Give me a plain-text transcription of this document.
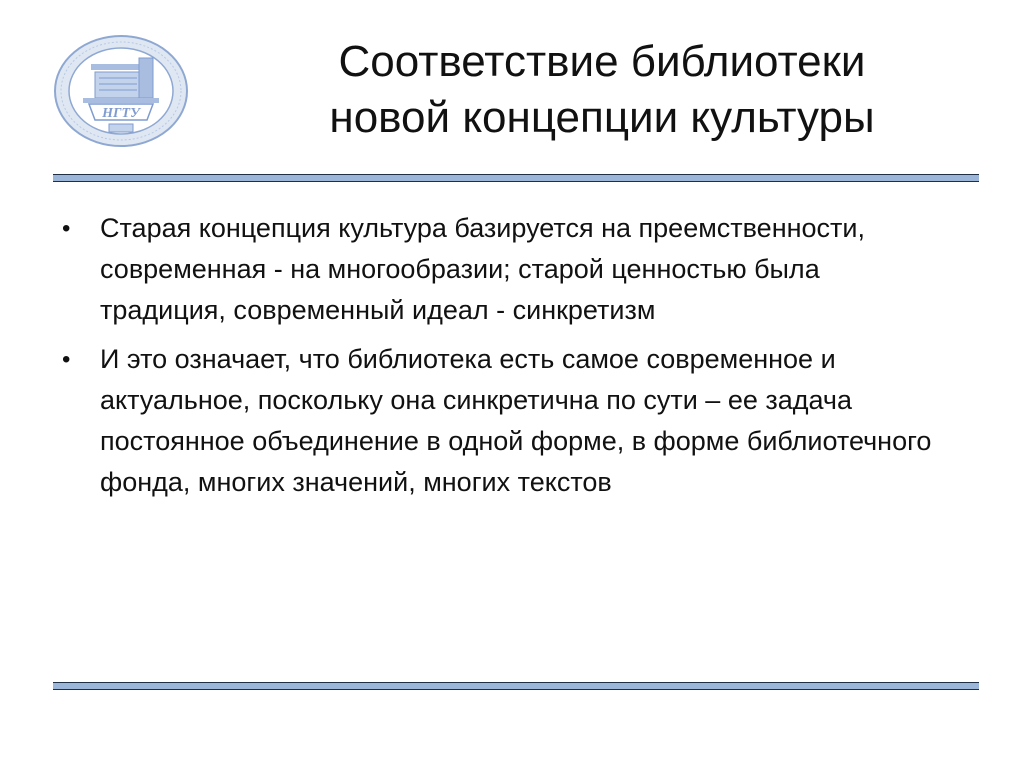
НГТУ
Соответствие библиотеки
новой концепции культуры
• Старая концепция культура базируется на преемственности, современная - на многообразии; старой ценностью была традиция, современный идеал - синкретизм
• И это означает, что библиотека есть самое современное и актуальное, поскольку она синкретична по сути – ее задача постоянное объединение в одной форме, в форме библиотечного фонда, многих значений, многих текстов
